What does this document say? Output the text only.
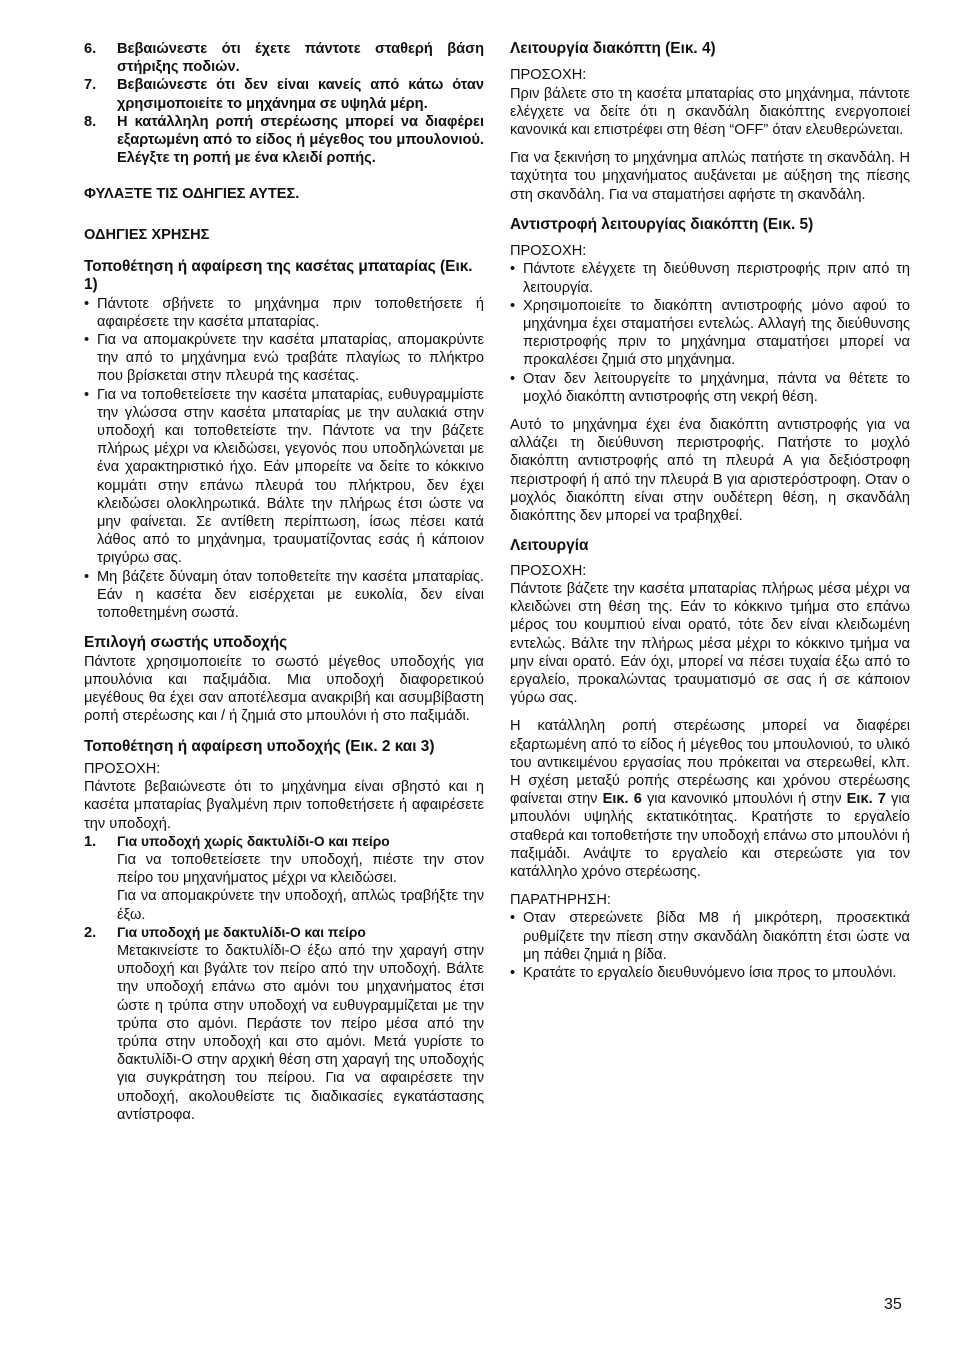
6. Βεβαιώνεστε ότι έχετε πάντοτε σταθερή βάση στήριξης ποδιών.
7. Βεβαιώνεστε ότι δεν είναι κανείς από κάτω όταν χρησιμοποιείτε το μηχάνημα σε υψηλά μέρη.
8. Η κατάλληλη ροπή στερέωσης μπορεί να διαφέρει εξαρτωμένη από το είδος ή μέγεθος του μπουλονιού. Ελέγξτε τη ροπή με ένα κλειδί ροπής.

ΦΥΛΑΞΤΕ ΤΙΣ ΟΔΗΓΙΕΣ ΑΥΤΕΣ.

ΟΔΗΓΙΕΣ ΧΡΗΣΗΣ

Τοποθέτηση ή αφαίρεση της κασέτας μπαταρίας (Εικ. 1)

• Πάντοτε σβήνετε το μηχάνημα πριν τοποθετήσετε ή αφαιρέσετε την κασέτα μπαταρίας.
• Για να απομακρύνετε την κασέτα μπαταρίας, απομακρύντε την από το μηχάνημα ενώ τραβάτε πλαγίως το πλήκτρο που βρίσκεται στην πλευρά της κασέτας.
• Για να τοποθετείσετε την κασέτα μπαταρίας, ευθυγραμμίστε την γλώσσα στην κασέτα μπαταρίας με την αυλακιά στην υποδοχή και τοποθετείστε την. Πάντοτε να την βάζετε πλήρως μέχρι να κλειδώσει, γεγονός που υποδηλώνεται με ένα χαρακτηριστικό ήχο. Εάν μπορείτε να δείτε το κόκκινο κομμάτι στην επάνω πλευρά του πλήκτρου, δεν έχει κλειδώσει ολοκληρωτικά. Βάλτε την πλήρως έτσι ώστε να μην φαίνεται. Σε αντίθετη περίπτωση, ίσως πέσει κατά λάθος από το μηχάνημα, τραυματίζοντας εσάς ή κάποιον τριγύρω σας.
• Μη βάζετε δύναμη όταν τοποθετείτε την κασέτα μπαταρίας. Εάν η κασέτα δεν εισέρχεται με ευκολία, δεν είναι τοποθετημένη σωστά.

Επιλογή σωστής υποδοχής

Πάντοτε χρησιμοποιείτε το σωστό μέγεθος υποδοχής για μπουλόνια και παξιμάδια. Μια υποδοχή διαφορετικού μεγέθους θα έχει σαν αποτέλεσμα ανακριβή και ασυμβίβαστη ροπή στερέωσης και / ή ζημιά στο μπουλόνι ή στο παξιμάδι.

Τοποθέτηση ή αφαίρεση υποδοχής (Εικ. 2 και 3)

ΠΡΟΣΟΧΗ:

Πάντοτε βεβαιώνεστε ότι το μηχάνημα είναι σβηστό και η κασέτα μπαταρίας βγαλμένη πριν τοποθετήσετε ή αφαιρέσετε την υποδοχή.

1. Για υποδοχή χωρίς δακτυλίδι-O και πείρο

Για να τοποθετείσετε την υποδοχή, πιέστε την στον πείρο του μηχανήματος μέχρι να κλειδώσει.

Για να απομακρύνετε την υποδοχή, απλώς τραβήξτε την έξω.

2. Για υποδοχή με δακτυλίδι-O και πείρο

Μετακινείστε το δακτυλίδι-O έξω από την χαραγή στην υποδοχή και βγάλτε τον πείρο από την υποδοχή. Βάλτε την υποδοχή επάνω στο αμόνι του μηχανήματος έτσι ώστε η τρύπα στην υποδοχή να ευθυγραμμίζεται με την τρύπα στο αμόνι. Περάστε τον πείρο μέσα από την τρύπα στην υποδοχή και στο αμόνι. Μετά γυρίστε το δακτυλίδι-O στην αρχική θέση στη χαραγή της υποδοχής για συγκράτηση του πείρου. Για να αφαιρέσετε την υποδοχή, ακολουθείστε τις διαδικασίες εγκατάστασης αντίστροφα.

Λειτουργία διακόπτη (Εικ. 4)

ΠΡΟΣΟΧΗ:

Πριν βάλετε στο τη κασέτα μπαταρίας στο μηχάνημα, πάντοτε ελέγχετε να δείτε ότι η σκανδάλη διακόπτης ενεργοποιεί κανονικά και επιστρέφει στη θέση “OFF” όταν ελευθερώνεται.

Για να ξεκινήση το μηχάνημα απλώς πατήστε τη σκανδάλη. Η ταχύτητα του μηχανήματος αυξάνεται με αύξηση της πίεσης στη σκανδάλη. Για να σταματήσει αφήστε τη σκανδάλη.

Αντιστροφή λειτουργίας διακόπτη (Εικ. 5)

ΠΡΟΣΟΧΗ:

• Πάντοτε ελέγχετε τη διεύθυνση περιστροφής πριν από τη λειτουργία.
• Χρησιμοποιείτε το διακόπτη αντιστροφής μόνο αφού το μηχάνημα έχει σταματήσει εντελώς. Αλλαγή της διεύθυνσης περιστροφής πριν το μηχάνημα σταματήσει μπορεί να προκαλέσει ζημιά στο μηχάνημα.
• Οταν δεν λειτουργείτε το μηχάνημα, πάντα να θέτετε το μοχλό διακόπτη αντιστροφής στη νεκρή θέση.

Αυτό το μηχάνημα έχει ένα διακόπτη αντιστροφής για να αλλάζει τη διεύθυνση περιστροφής. Πατήστε το μοχλό διακόπτη αντιστροφής από τη πλευρά A για δεξιόστροφη περιστροφή ή από την πλευρά B για αριστερόστροφη. Οταν ο μοχλός διακόπτη είναι στην ουδέτερη θέση, η σκανδάλη διακόπτης δεν μπορεί να τραβηχθεί.

Λειτουργία

ΠΡΟΣΟΧΗ:

Πάντοτε βάζετε την κασέτα μπαταρίας πλήρως μέσα μέχρι να κλειδώνει στη θέση της. Εάν το κόκκινο τμήμα στο επάνω μέρος του κουμπιού είναι ορατό, τότε δεν είναι κλειδωμένη εντελώς. Βάλτε την πλήρως μέσα μέχρι το κόκκινο τμήμα να μην είναι ορατό. Εάν όχι, μπορεί να πέσει τυχαία έξω από το εργαλείο, προκαλώντας τραυματισμό σε σας ή σε κάποιον γύρω σας.

Η κατάλληλη ροπή στερέωσης μπορεί να διαφέρει εξαρτωμένη από το είδος ή μέγεθος του μπουλονιού, το υλικό του αντικειμένου εργασίας που πρόκειται να στερεωθεί, κλπ. Η σχέση μεταξύ ροπής στερέωσης και χρόνου στερέωσης φαίνεται στην Εικ. 6 για κανονικό μπουλόνι ή στην Εικ. 7 για μπουλόνι υψηλής εκτατικότητας. Κρατήστε το εργαλείο σταθερά και τοποθετήστε την υποδοχή επάνω στο μπουλόνι ή παξιμάδι. Ανάψτε το εργαλείο και στερεώστε για τον κατάλληλο χρόνο στερέωσης.

ΠΑΡΑΤΗΡΗΣΗ:

• Οταν στερεώνετε βίδα M8 ή μικρότερη, προσεκτικά ρυθμίζετε την πίεση στην σκανδάλη διακόπτη έτσι ώστε να μη πάθει ζημιά η βίδα.
• Κρατάτε το εργαλείο διευθυνόμενο ίσια προς το μπουλόνι.
35
